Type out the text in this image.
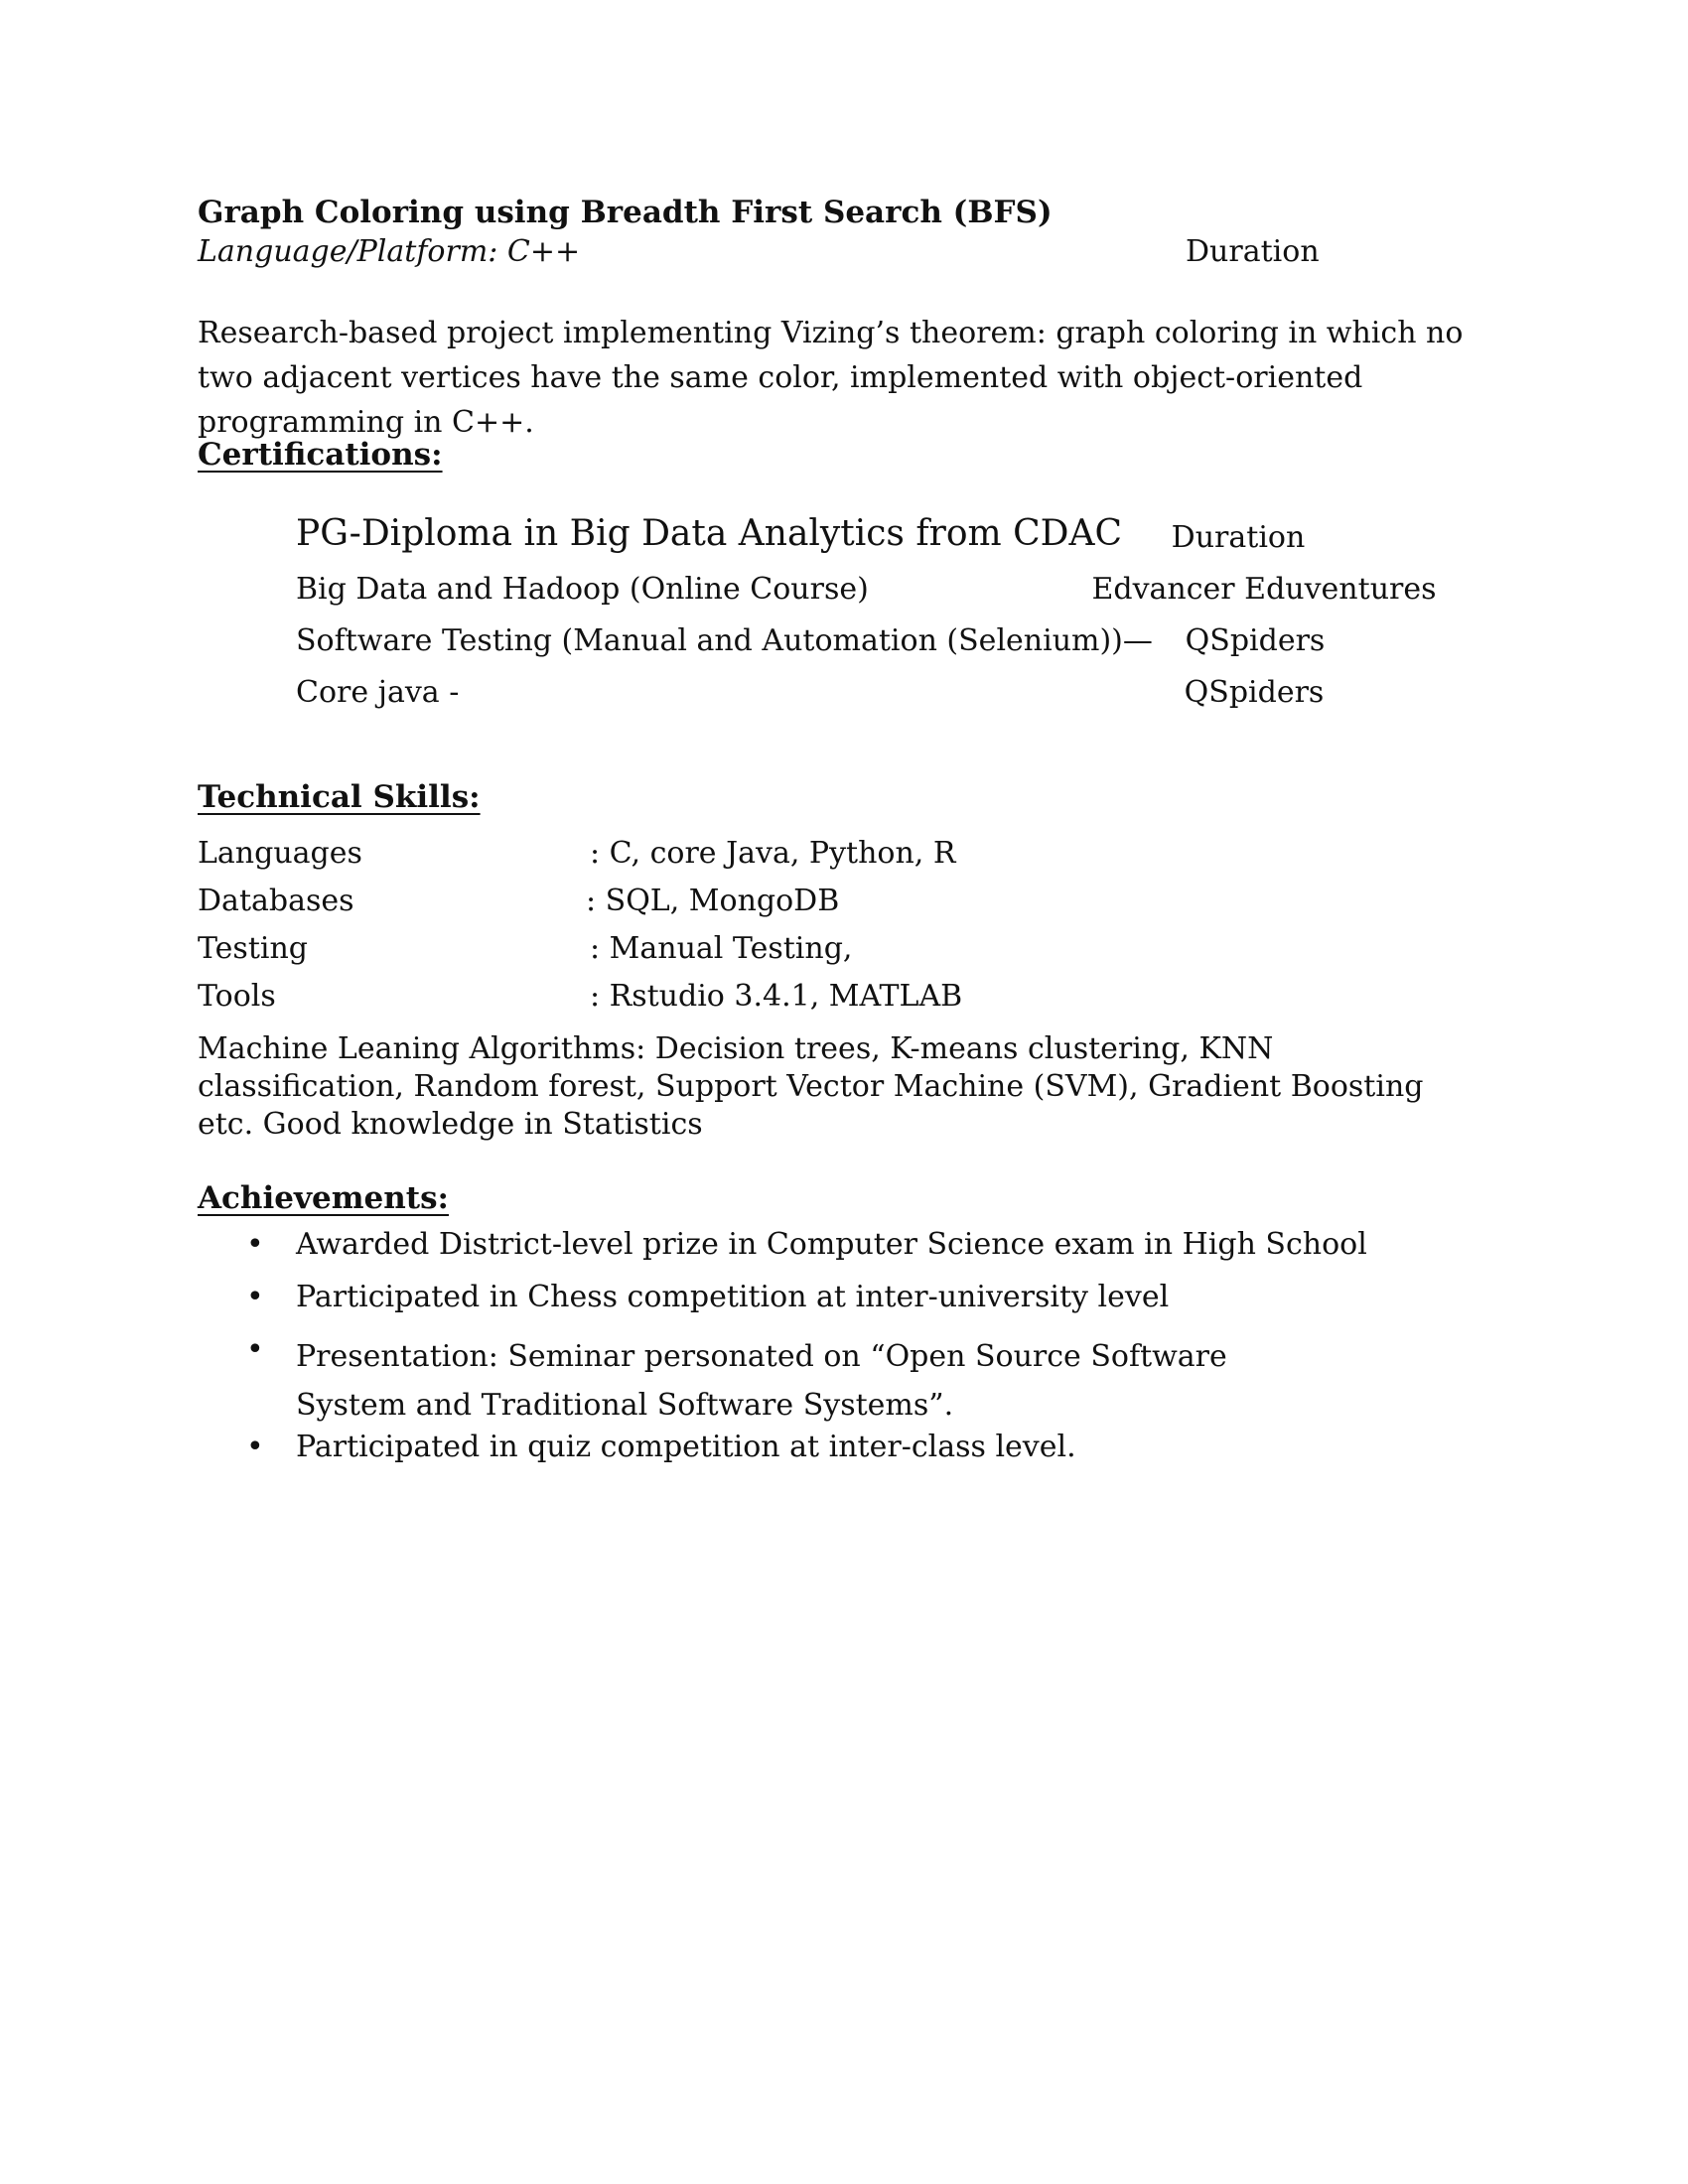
Graph Coloring using Breadth First Search (BFS)
Language/Platform: C++	Duration
Research-based project implementing Vizing’s theorem: graph coloring in which no two adjacent vertices have the same color, implemented with object-oriented programming in C++.
Certifications:
PG-Diploma in Big Data Analytics from CDAC Duration
Big Data and Hadoop (Online Course)	Edvancer Eduventures
Software Testing (Manual and Automation (Selenium))— QSpiders
Core java -	QSpiders
Technical Skills:
Languages	: C, core Java, Python, R
Databases	: SQL, MongoDB
Testing	: Manual Testing,
Tools	: Rstudio 3.4.1, MATLAB
Machine Leaning Algorithms: Decision trees, K-means clustering, KNN classification, Random forest, Support Vector Machine (SVM), Gradient Boosting etc. Good knowledge in Statistics
Achievements:
• Awarded District-level prize in Computer Science exam in High School
• Participated in Chess competition at inter-university level
• Presentation: Seminar personated on “Open Source Software System and Traditional Software Systems”.
• Participated in quiz competition at inter-class level.
